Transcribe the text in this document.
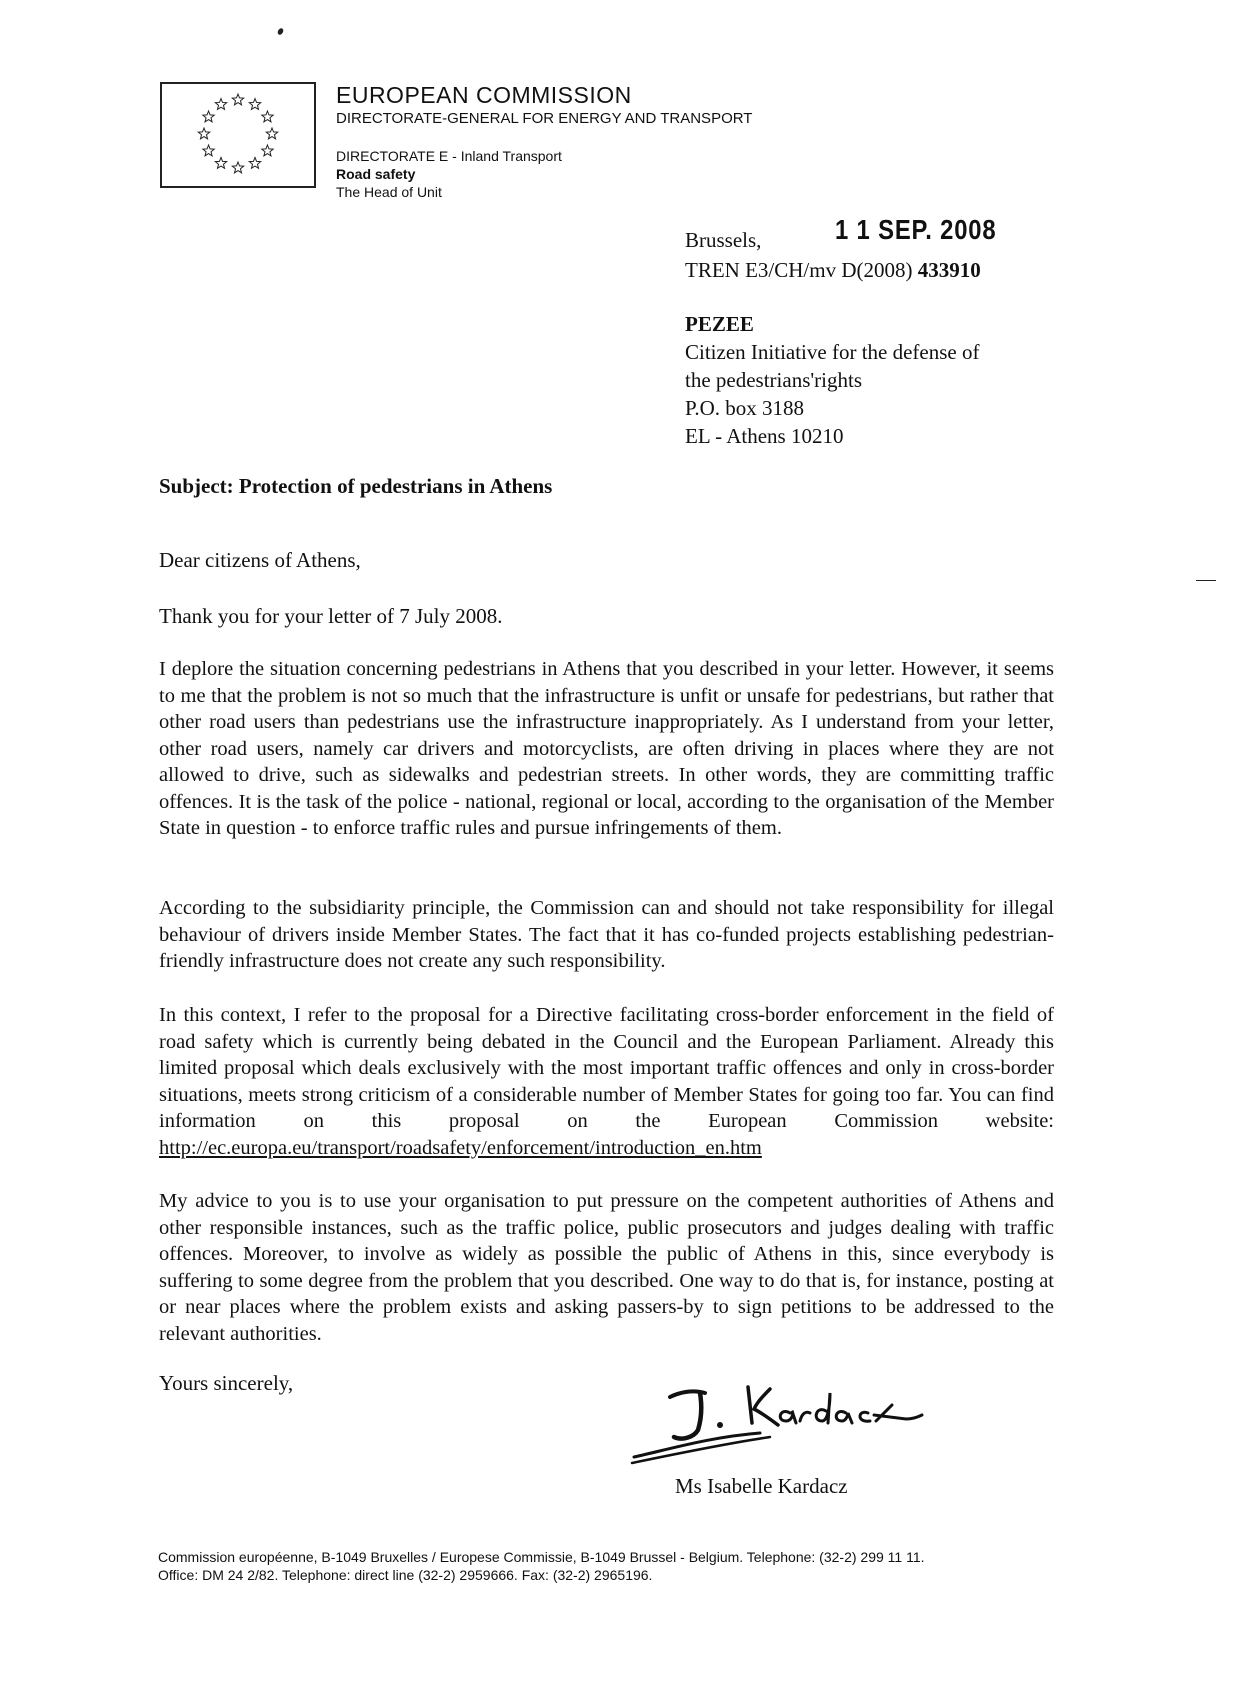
EUROPEAN COMMISSION
DIRECTORATE-GENERAL FOR ENERGY AND TRANSPORT
DIRECTORATE E - Inland Transport
Road safety
The Head of Unit
Brussels,	1 1 SEP. 2008
TREN E3/CH/mv D(2008) 433910
PEZEE
Citizen Initiative for the defense of
the pedestrians'rights
P.O. box 3188
EL - Athens 10210
Subject: Protection of pedestrians in Athens
Dear citizens of Athens,
Thank you for your letter of 7 July 2008.
I deplore the situation concerning pedestrians in Athens that you described in your letter. However, it seems to me that the problem is not so much that the infrastructure is unfit or unsafe for pedestrians, but rather that other road users than pedestrians use the infrastructure inappropriately. As I understand from your letter, other road users, namely car drivers and motorcyclists, are often driving in places where they are not allowed to drive, such as sidewalks and pedestrian streets. In other words, they are committing traffic offences. It is the task of the police - national, regional or local, according to the organisation of the Member State in question - to enforce traffic rules and pursue infringements of them.
According to the subsidiarity principle, the Commission can and should not take responsibility for illegal behaviour of drivers inside Member States. The fact that it has co-funded projects establishing pedestrian-friendly infrastructure does not create any such responsibility.
In this context, I refer to the proposal for a Directive facilitating cross-border enforcement in the field of road safety which is currently being debated in the Council and the European Parliament. Already this limited proposal which deals exclusively with the most important traffic offences and only in cross-border situations, meets strong criticism of a considerable number of Member States for going too far. You can find information on this proposal on the European Commission website: http://ec.europa.eu/transport/roadsafety/enforcement/introduction_en.htm
My advice to you is to use your organisation to put pressure on the competent authorities of Athens and other responsible instances, such as the traffic police, public prosecutors and judges dealing with traffic offences. Moreover, to involve as widely as possible the public of Athens in this, since everybody is suffering to some degree from the problem that you described. One way to do that is, for instance, posting at or near places where the problem exists and asking passers-by to sign petitions to be addressed to the relevant authorities.
Yours sincerely,
Ms Isabelle Kardacz
Commission européenne, B-1049 Bruxelles / Europese Commissie, B-1049 Brussel - Belgium. Telephone: (32-2) 299 11 11.
Office: DM 24 2/82. Telephone: direct line (32-2) 2959666. Fax: (32-2) 2965196.
